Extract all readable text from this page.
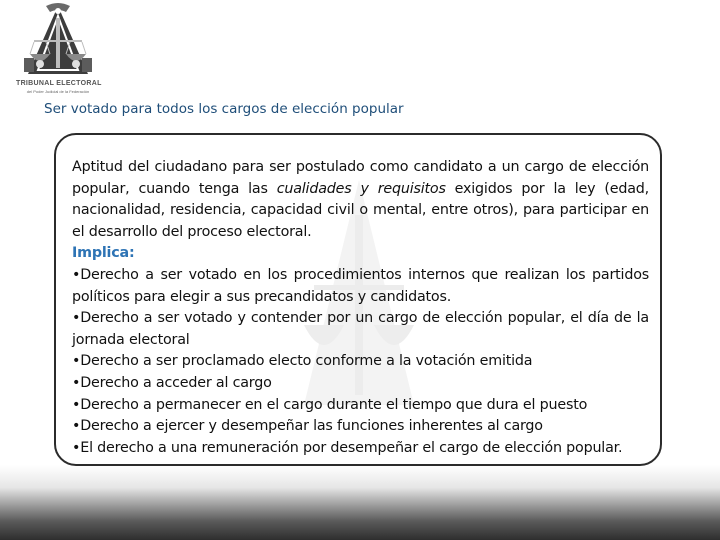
TRIBUNAL ELECTORAL
del Poder Judicial de la Federación
Ser votado para todos los cargos de elección popular

Aptitud del ciudadano para ser postulado como candidato a un cargo de elección popular, cuando tenga las cualidades y requisitos exigidos por la ley (edad, nacionalidad, residencia, capacidad civil o mental, entre otros), para participar en el desarrollo del proceso electoral.

Implica:

•Derecho a ser votado en los procedimientos internos que realizan los partidos políticos para elegir a sus precandidatos y candidatos.
•Derecho a ser votado y contender por un cargo de elección popular, el día de la jornada electoral
•Derecho a ser proclamado electo conforme a la votación emitida
•Derecho a acceder al cargo
•Derecho a permanecer en el cargo durante el tiempo que dura el puesto
•Derecho a ejercer y desempeñar las funciones inherentes al cargo
•El derecho a una remuneración por desempeñar el cargo de elección popular.
